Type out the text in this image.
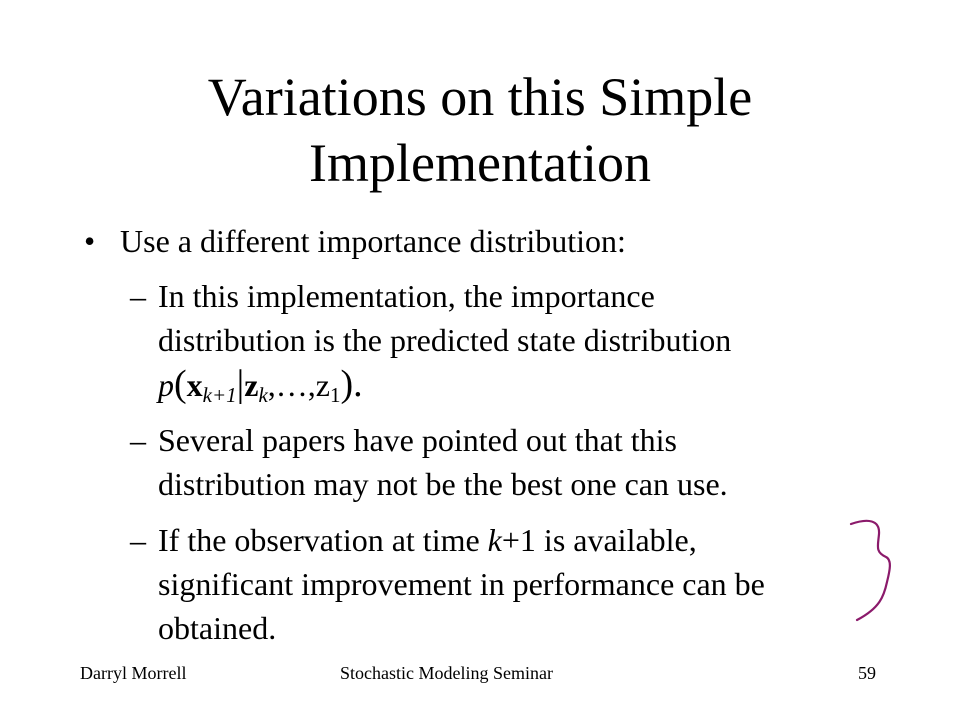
Variations on this Simple
Implementation
• Use a different importance distribution:
– In this implementation, the importance
distribution is the predicted state distribution
p(xk+1|zk,…,z1).
– Several papers have pointed out that this
distribution may not be the best one can use.
– If the observation at time k+1 is available,
significant improvement in performance can be
obtained.
Darryl Morrell	Stochastic Modeling Seminar	59
